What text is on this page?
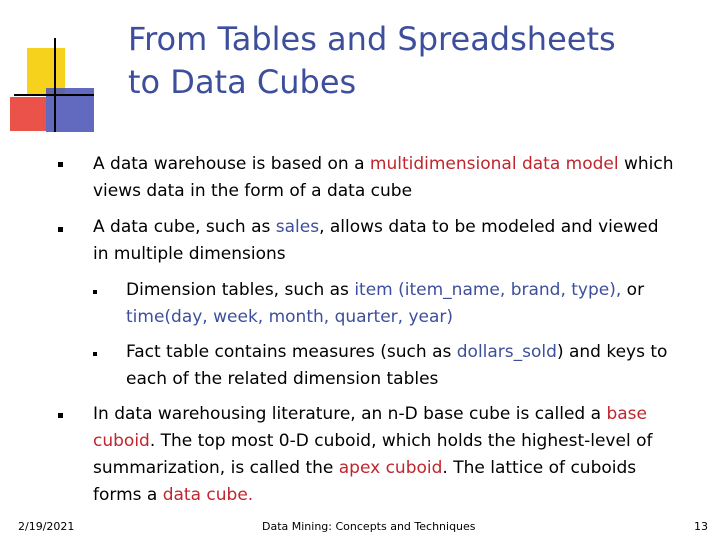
From Tables and Spreadsheets
to Data Cubes
A data warehouse is based on a multidimensional data model which
views data in the form of a data cube
A data cube, such as sales, allows data to be modeled and viewed
in multiple dimensions
Dimension tables, such as item (item_name, brand, type), or
time(day, week, month, quarter, year)
Fact table contains measures (such as dollars_sold) and keys to
each of the related dimension tables
In data warehousing literature, an n-D base cube is called a base
cuboid. The top most 0-D cuboid, which holds the highest-level of
summarization, is called the apex cuboid. The lattice of cuboids
forms a data cube.
2/19/2021	Data Mining: Concepts and Techniques	13
